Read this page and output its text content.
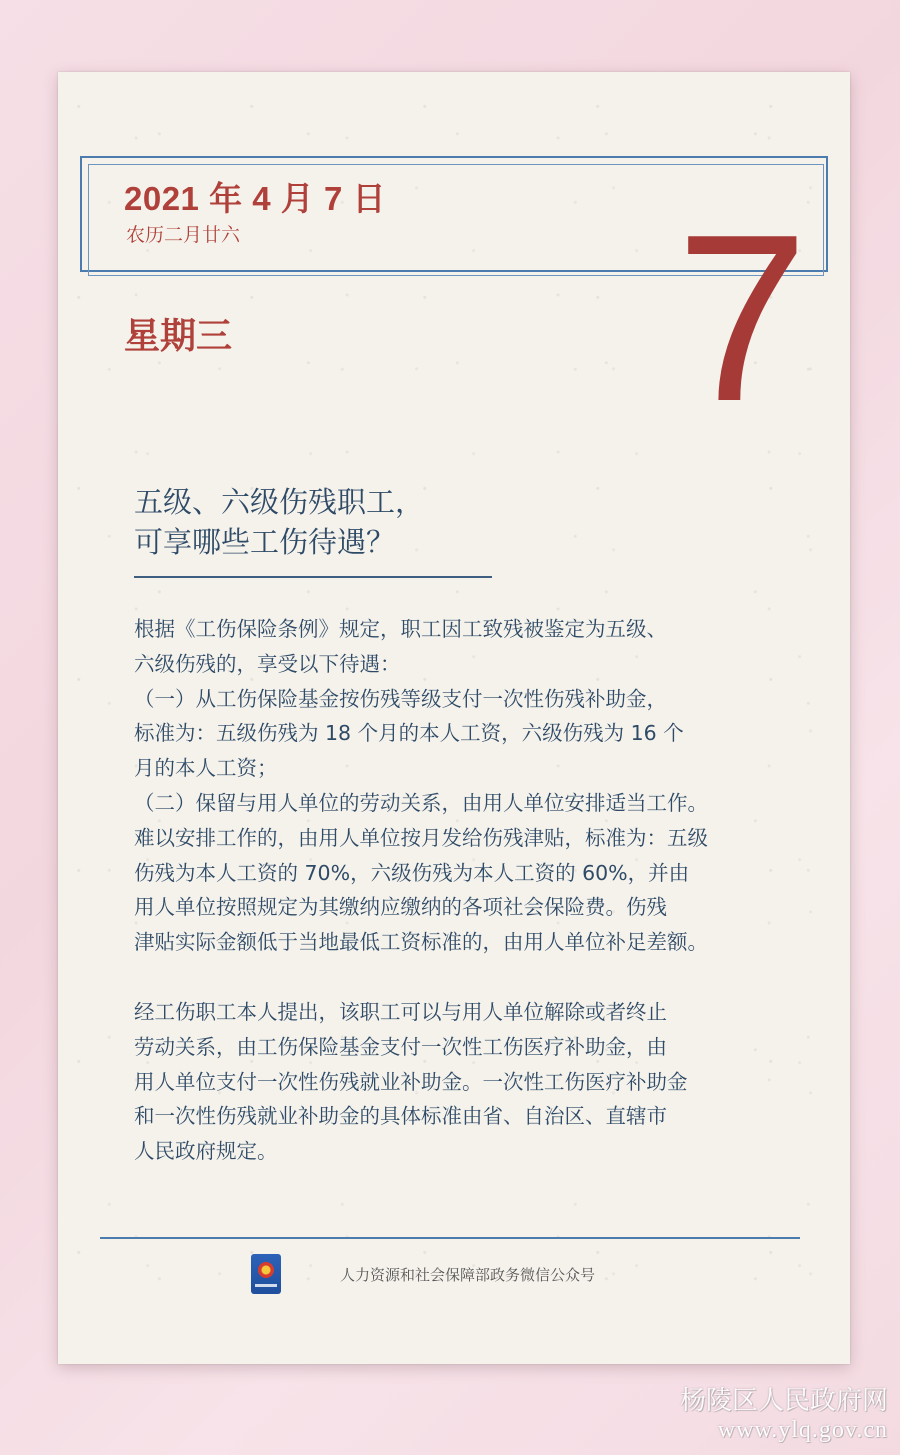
2021 年 4 月 7 日
农历二月廿六 7
星期三
五级、六级伤残职工，
可享哪些工伤待遇？
根据《工伤保险条例》规定，职工因工致残被鉴定为五级、
六级伤残的，享受以下待遇：
（一）从工伤保险基金按伤残等级支付一次性伤残补助金，
标准为：五级伤残为 18 个月的本人工资，六级伤残为 16 个
月的本人工资；
（二）保留与用人单位的劳动关系，由用人单位安排适当工作。
难以安排工作的，由用人单位按月发给伤残津贴，标准为：五级
伤残为本人工资的 70%，六级伤残为本人工资的 60%，并由
用人单位按照规定为其缴纳应缴纳的各项社会保险费。伤残
津贴实际金额低于当地最低工资标准的，由用人单位补足差额。
经工伤职工本人提出，该职工可以与用人单位解除或者终止
劳动关系，由工伤保险基金支付一次性工伤医疗补助金，由
用人单位支付一次性伤残就业补助金。一次性工伤医疗补助金
和一次性伤残就业补助金的具体标准由省、自治区、直辖市
人民政府规定。
人力资源和社会保障部政务微信公众号
杨陵区人民政府网
www.ylq.gov.cn
